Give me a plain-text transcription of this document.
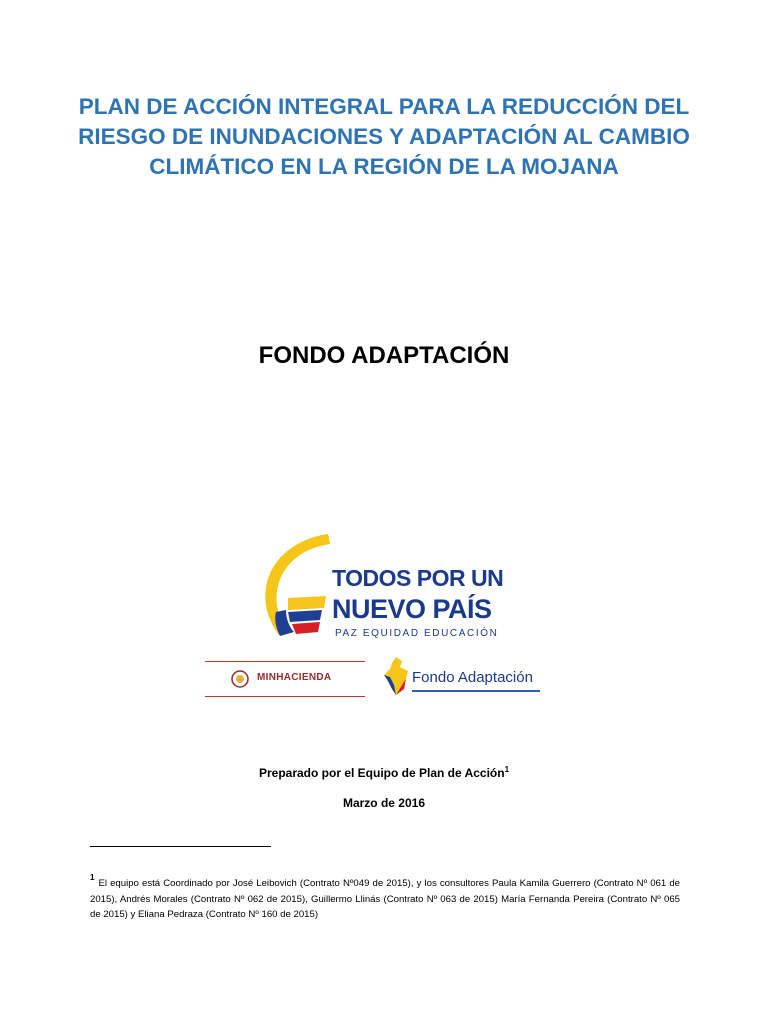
PLAN DE ACCIÓN INTEGRAL PARA LA REDUCCIÓN DEL
RIESGO DE INUNDACIONES Y ADAPTACIÓN AL CAMBIO
CLIMÁTICO EN LA REGIÓN DE LA MOJANA
FONDO ADAPTACIÓN
TODOS POR UN
NUEVO PAÍS
PAZ EQUIDAD EDUCACIÓN
MINHACIENDA	Fondo Adaptación
Preparado por el Equipo de Plan de Acción$^1$
Marzo de 2016

$^1$El equipo está Coordinado por José Leibovich (Contrato Nº049 de 2015), y los consultores Paula Kamila Guerrero (Contrato Nº 061 de 2015), Andrés Morales (Contrato Nº 062 de 2015), Guillermo Llinás (Contrato Nº 063 de 2015) María Fernanda Pereira (Contrato Nº 065 de 2015) y Eliana Pedraza (Contrato Nº 160 de 2015)
